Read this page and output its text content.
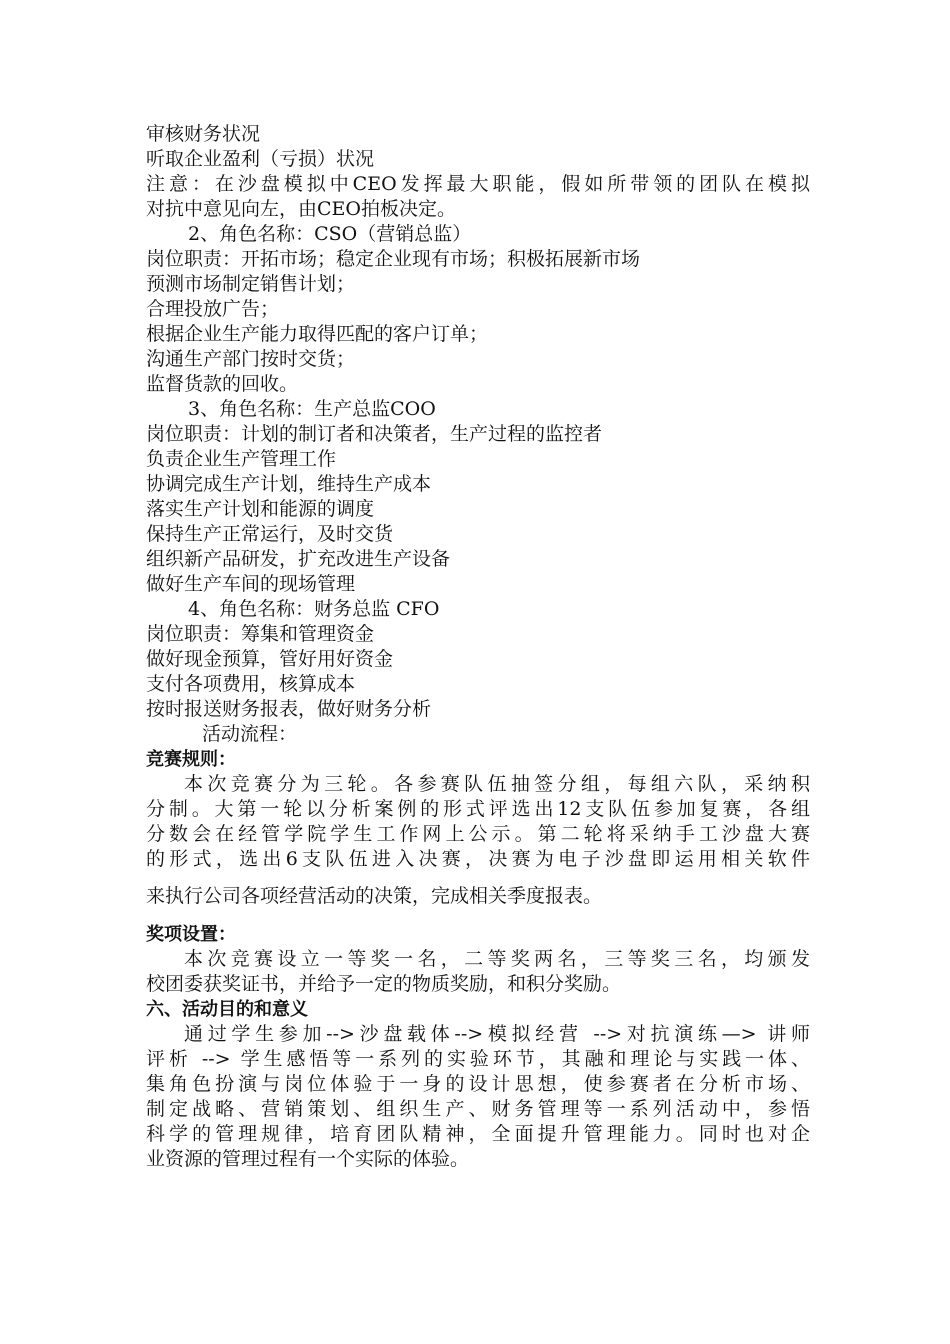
审核财务状况
听取企业盈利（亏损）状况
注意：在沙盘模拟中CEO发挥最大职能，假如所带领的团队在模拟
对抗中意见向左，由CEO拍板决定。
2、角色名称：CSO（营销总监）
岗位职责：开拓市场；稳定企业现有市场；积极拓展新市场
预测市场制定销售计划；
合理投放广告；
根据企业生产能力取得匹配的客户订单；
沟通生产部门按时交货；
监督货款的回收。
3、角色名称：生产总监COO
岗位职责：计划的制订者和决策者，生产过程的监控者
负责企业生产管理工作
协调完成生产计划，维持生产成本
落实生产计划和能源的调度
保持生产正常运行，及时交货
组织新产品研发，扩充改进生产设备
做好生产车间的现场管理
4、角色名称：财务总监 CFO
岗位职责：筹集和管理资金
做好现金预算，管好用好资金
支付各项费用，核算成本
按时报送财务报表，做好财务分析
活动流程：
竞赛规则：
本次竞赛分为三轮。各参赛队伍抽签分组，每组六队，采纳积
分制。大第一轮以分析案例的形式评选出12支队伍参加复赛，各组
分数会在经管学院学生工作网上公示。第二轮将采纳手工沙盘大赛
的形式，选出6支队伍进入决赛，决赛为电子沙盘即运用相关软件
来执行公司各项经营活动的决策，完成相关季度报表。
奖项设置：
本次竞赛设立一等奖一名，二等奖两名，三等奖三名，均颁发
校团委获奖证书，并给予一定的物质奖励，和积分奖励。
六、活动目的和意义
通过学生参加-->沙盘载体-->模拟经营 -->对抗演练—> 讲师
评析 --> 学生感悟等一系列的实验环节，其融和理论与实践一体、
集角色扮演与岗位体验于一身的设计思想，使参赛者在分析市场、
制定战略、营销策划、组织生产、财务管理等一系列活动中，参悟
科学的管理规律，培育团队精神，全面提升管理能力。同时也对企
业资源的管理过程有一个实际的体验。
